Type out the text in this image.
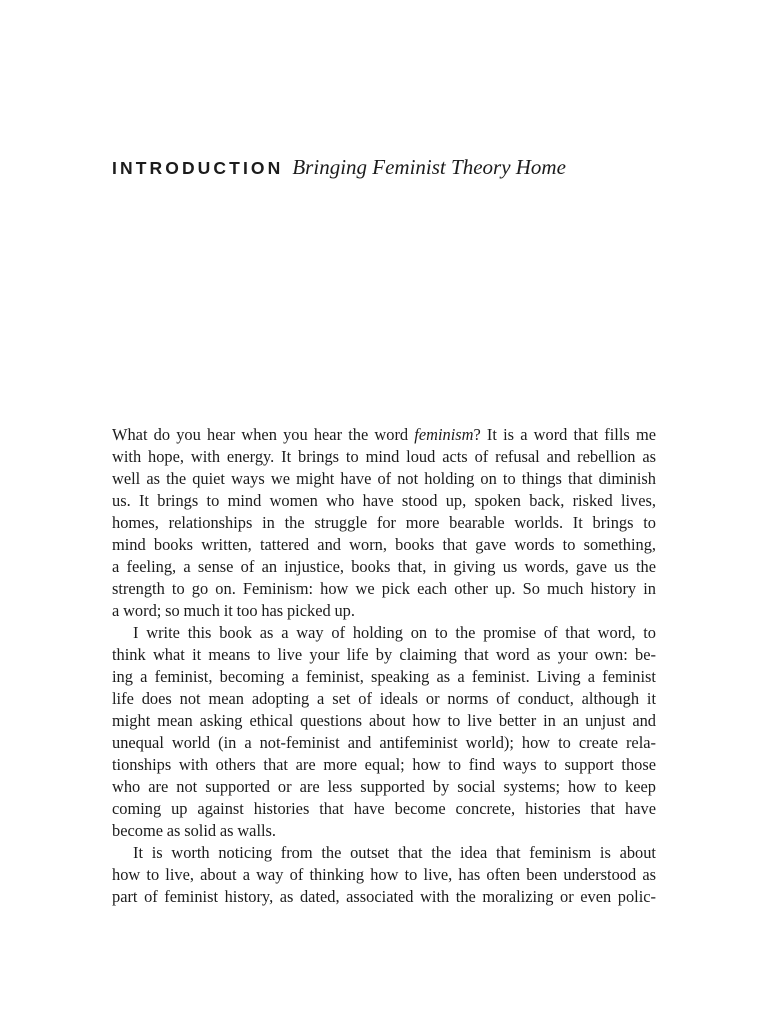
INTRODUCTION Bringing Feminist Theory Home
What do you hear when you hear the word feminism? It is a word that fills me
with hope, with energy. It brings to mind loud acts of refusal and rebellion as
well as the quiet ways we might have of not holding on to things that diminish
us. It brings to mind women who have stood up, spoken back, risked lives,
homes, relationships in the struggle for more bearable worlds. It brings to
mind books written, tattered and worn, books that gave words to something,
a feeling, a sense of an injustice, books that, in giving us words, gave us the
strength to go on. Feminism: how we pick each other up. So much history in
a word; so much it too has picked up.
I write this book as a way of holding on to the promise of that word, to
think what it means to live your life by claiming that word as your own: be-
ing a feminist, becoming a feminist, speaking as a feminist. Living a feminist
life does not mean adopting a set of ideals or norms of conduct, although it
might mean asking ethical questions about how to live better in an unjust and
unequal world (in a not-feminist and antifeminist world); how to create rela-
tionships with others that are more equal; how to find ways to support those
who are not supported or are less supported by social systems; how to keep
coming up against histories that have become concrete, histories that have
become as solid as walls.
It is worth noticing from the outset that the idea that feminism is about
how to live, about a way of thinking how to live, has often been understood as
part of feminist history, as dated, associated with the moralizing or even polic-
